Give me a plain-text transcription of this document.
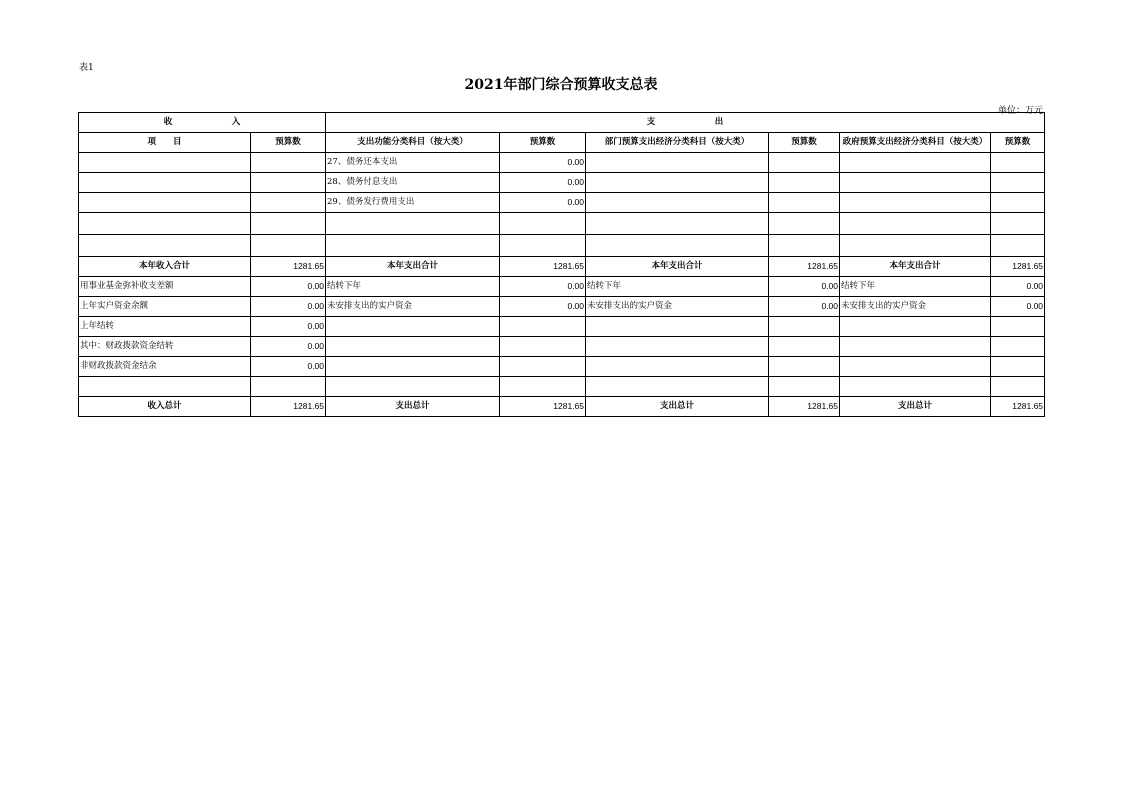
表1
2021年部门综合预算收支总表
单位：万元
收　　　　　　　入		支　　　　　　　出					
项　　目	预算数	支出功能分类科目（按大类）	预算数	部门预算支出经济分类科目（按大类）	预算数	政府预算支出经济分类科目（按大类）	预算数
		27、债务还本支出	0.00				
		28、债务付息支出	0.00				
		29、债务发行费用支出	0.00				

本年收入合计	1281.65	本年支出合计	1281.65	本年支出合计	1281.65	本年支出合计	1281.65
用事业基金弥补收支差额	0.00	结转下年	0.00	结转下年	0.00	结转下年	0.00
上年实户资金余额	0.00	未安排支出的实户资金	0.00	未安排支出的实户资金	0.00	未安排支出的实户资金	0.00
上年结转	0.00						
其中：财政拨款资金结转	0.00						
非财政拨款资金结余	0.00						

收入总计	1281.65	支出总计	1281.65	支出总计	1281.65	支出总计	1281.65
